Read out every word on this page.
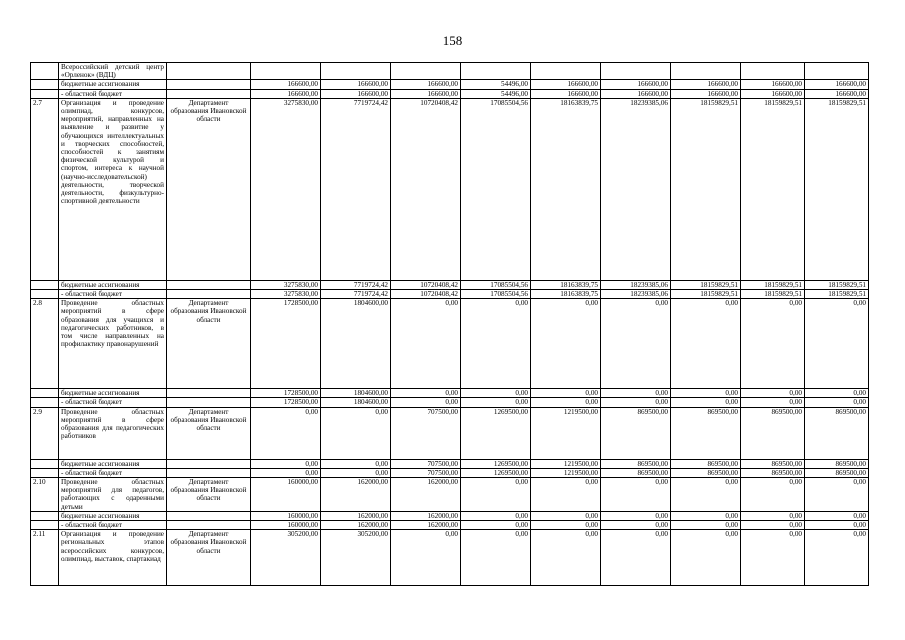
158
	Всероссийский детский центр «Орленок» (ВДЦ)										
	бюджетные ассигнования		166600,00	166600,00	166600,00	54496,00	166600,00	166600,00	166600,00	166600,00	166600,00
	- областной бюджет		166600,00	166600,00	166600,00	54496,00	166600,00	166600,00	166600,00	166600,00	166600,00
2.7	Организация и проведение олимпиад, конкурсов, мероприятий, направленных на выявление и развитие у обучающихся интеллектуальных и творческих способностей, способностей к занятиям физической культурой и спортом, интереса к научной (научно-исследовательской) деятельности, творческой деятельности, физкультурно-спортивной деятельности	Департамент образования Ивановской области	3275830,00	7719724,42	10720408,42	17085504,56	18163839,75	18239385,06	18159829,51	18159829,51	18159829,51
	бюджетные ассигнования		3275830,00	7719724,42	10720408,42	17085504,56	18163839,75	18239385,06	18159829,51	18159829,51	18159829,51
	- областной бюджет		3275830,00	7719724,42	10720408,42	17085504,56	18163839,75	18239385,06	18159829,51	18159829,51	18159829,51
2.8	Проведение областных мероприятий в сфере образования для учащихся и педагогических работников, в том числе направленных на профилактику правонарушений	Департамент образования Ивановской области	1728500,00	1804600,00	0,00	0,00	0,00	0,00	0,00	0,00	0,00
	бюджетные ассигнования		1728500,00	1804600,00	0,00	0,00	0,00	0,00	0,00	0,00	0,00
	- областной бюджет		1728500,00	1804600,00	0,00	0,00	0,00	0,00	0,00	0,00	0,00
2.9	Проведение областных мероприятий в сфере образования для педагогических работников	Департамент образования Ивановской области	0,00	0,00	707500,00	1269500,00	1219500,00	869500,00	869500,00	869500,00	869500,00
	бюджетные ассигнования		0,00	0,00	707500,00	1269500,00	1219500,00	869500,00	869500,00	869500,00	869500,00
	- областной бюджет		0,00	0,00	707500,00	1269500,00	1219500,00	869500,00	869500,00	869500,00	869500,00
2.10	Проведение областных мероприятий для педагогов, работающих с одаренными детьми	Департамент образования Ивановской области	160000,00	162000,00	162000,00	0,00	0,00	0,00	0,00	0,00	0,00
	бюджетные ассигнования		160000,00	162000,00	162000,00	0,00	0,00	0,00	0,00	0,00	0,00
	- областной бюджет		160000,00	162000,00	162000,00	0,00	0,00	0,00	0,00	0,00	0,00
2.11	Организация и проведение региональных этапов всероссийских конкурсов, олимпиад, выставок, спартакиад	Департамент образования Ивановской области	305200,00	305200,00	0,00	0,00	0,00	0,00	0,00	0,00	0,00
